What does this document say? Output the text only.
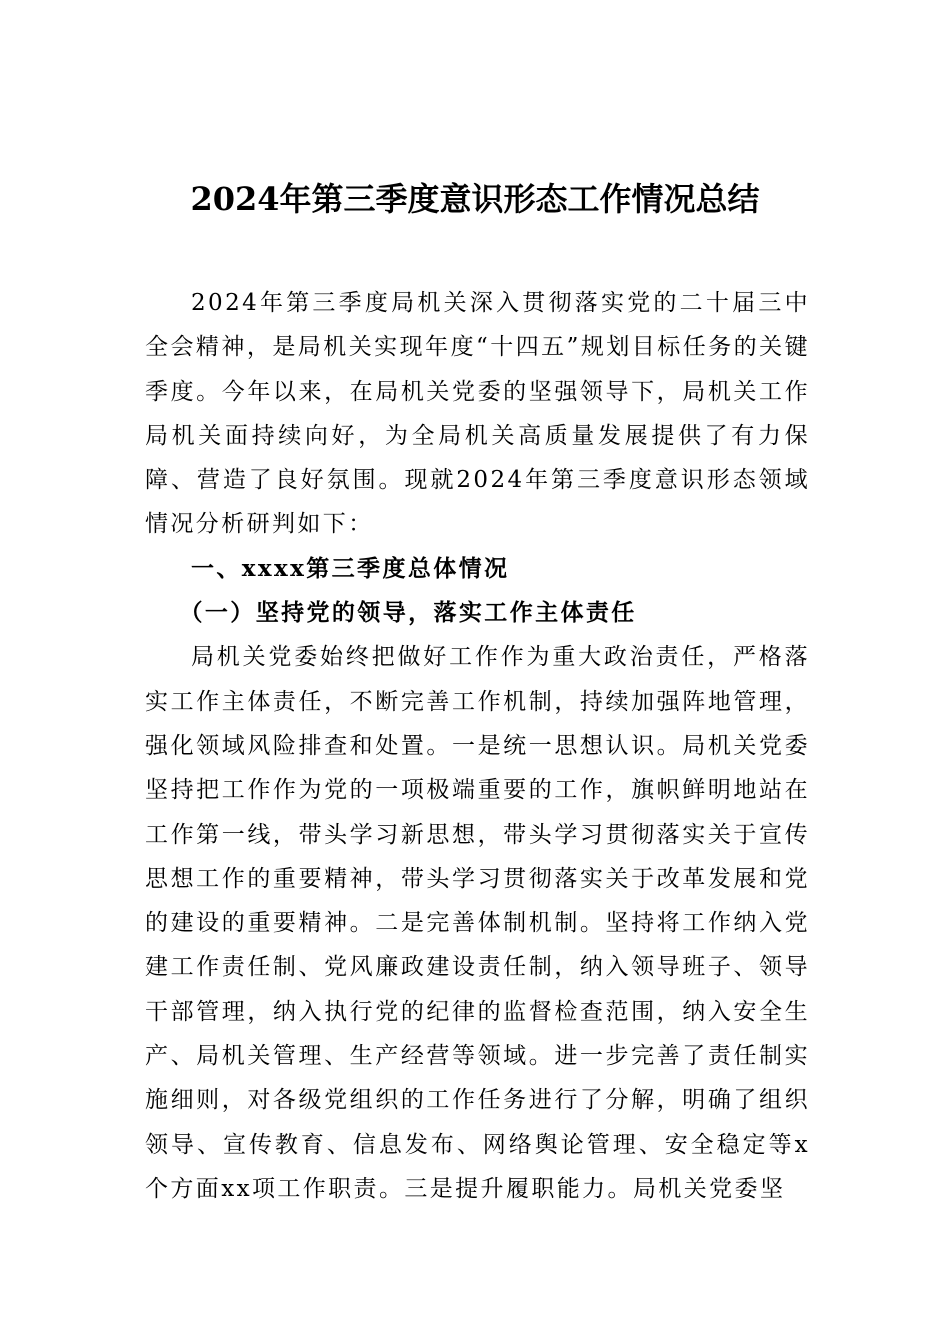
2024年第三季度意识形态工作情况总结

2024年第三季度局机关深入贯彻落实党的二十届三中全会精神，是局机关实现年度“十四五”规划目标任务的关键季度。今年以来，在局机关党委的坚强领导下，局机关工作局机关面持续向好，为全局机关高质量发展提供了有力保障、营造了良好氛围。现就2024年第三季度意识形态领域情况分析研判如下：

一、xxxx第三季度总体情况

（一）坚持党的领导，落实工作主体责任

局机关党委始终把做好工作作为重大政治责任，严格落实工作主体责任，不断完善工作机制，持续加强阵地管理，强化领域风险排查和处置。一是统一思想认识。局机关党委坚持把工作作为党的一项极端重要的工作，旗帜鲜明地站在工作第一线，带头学习新思想，带头学习贯彻落实关于宣传思想工作的重要精神，带头学习贯彻落实关于改革发展和党的建设的重要精神。二是完善体制机制。坚持将工作纳入党建工作责任制、党风廉政建设责任制，纳入领导班子、领导干部管理，纳入执行党的纪律的监督检查范围，纳入安全生产、局机关管理、生产经营等领域。进一步完善了责任制实施细则，对各级党组织的工作任务进行了分解，明确了组织领导、宣传教育、信息发布、网络舆论管理、安全稳定等x个方面xx项工作职责。三是提升履职能力。局机关党委坚
